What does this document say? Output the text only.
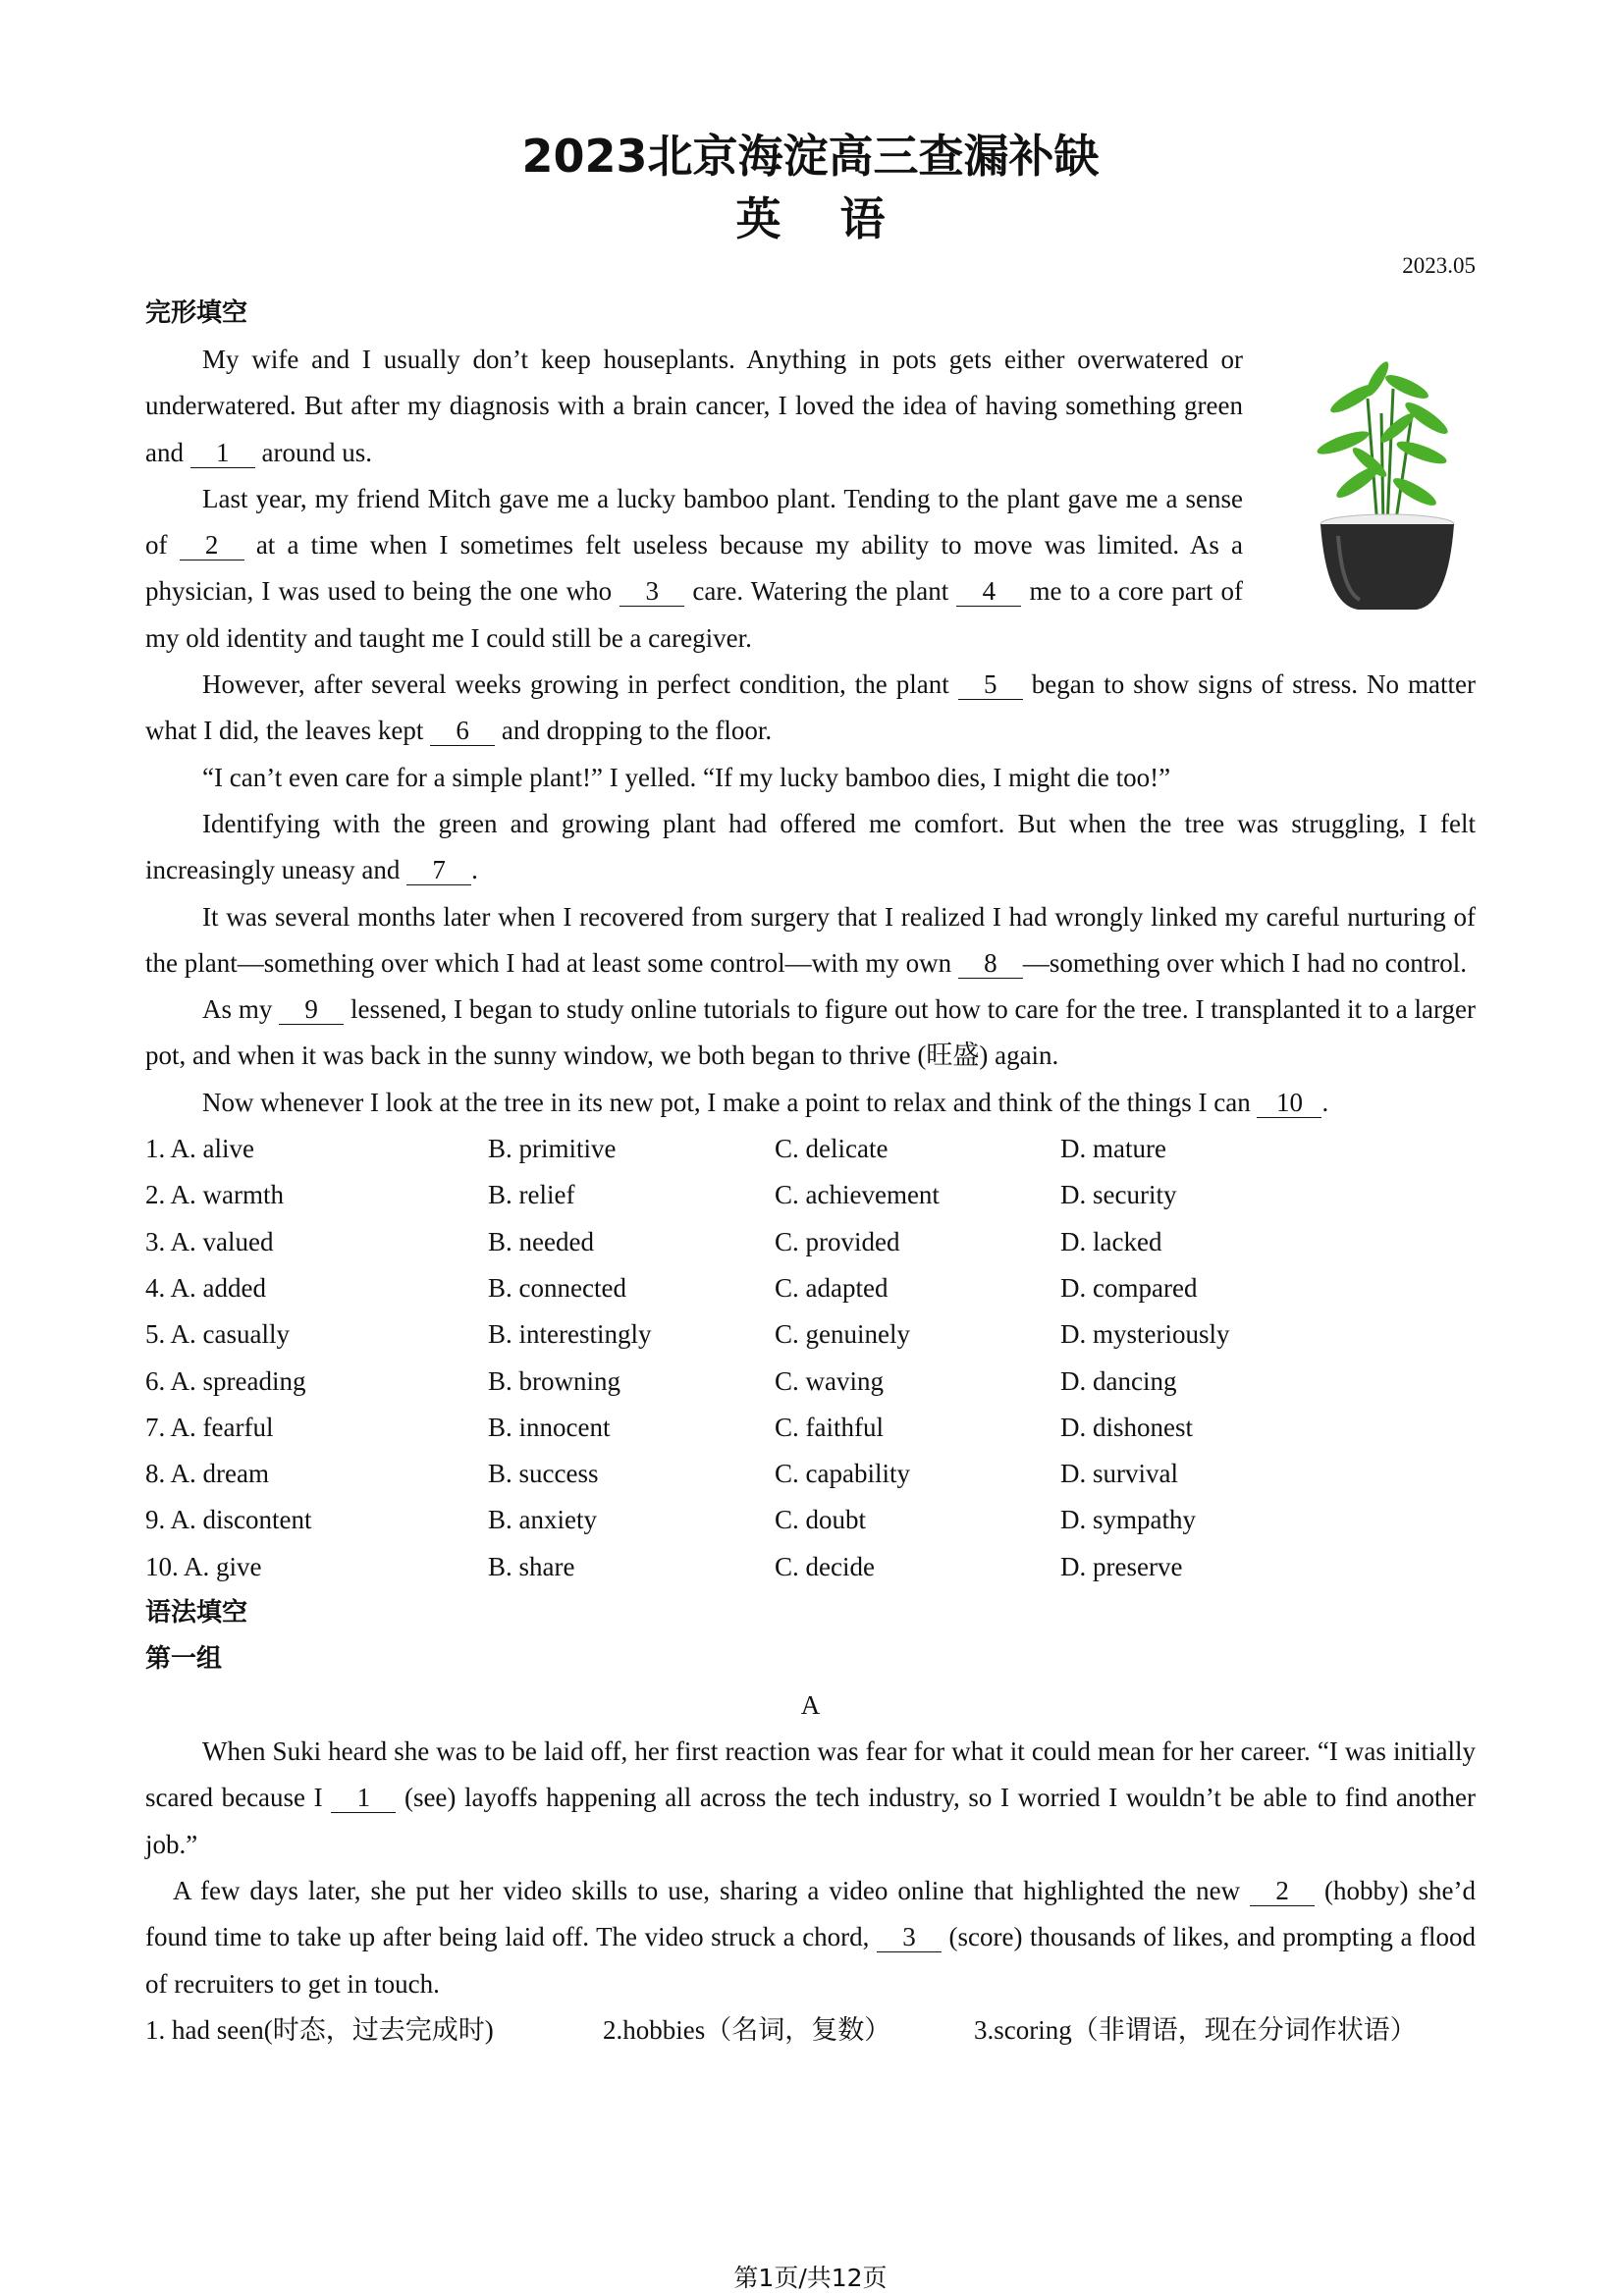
2023北京海淀高三查漏补缺
英语
2023.05
完形填空

My wife and I usually don’t keep houseplants. Anything in pots gets either overwatered or underwatered. But after my diagnosis with a brain cancer, I loved the idea of having something green and 1 around us.

Last year, my friend Mitch gave me a lucky bamboo plant. Tending to the plant gave me a sense of 2 at a time when I sometimes felt useless because my ability to move was limited. As a physician, I was used to being the one who 3 care. Watering the plant 4 me to a core part of my old identity and taught me I could still be a caregiver.

However, after several weeks growing in perfect condition, the plant 5 began to show signs of stress. No matter what I did, the leaves kept 6 and dropping to the floor.

“I can’t even care for a simple plant!” I yelled. “If my lucky bamboo dies, I might die too!”

Identifying with the green and growing plant had offered me comfort. But when the tree was struggling, I felt increasingly uneasy and 7 .

It was several months later when I recovered from surgery that I realized I had wrongly linked my careful nurturing of the plant—something over which I had at least some control—with my own 8 —something over which I had no control.

As my 9 lessened, I began to study online tutorials to figure out how to care for the tree. I transplanted it to a larger pot, and when it was back in the sunny window, we both began to thrive (旺盛) again.

Now whenever I look at the tree in its new pot, I make a point to relax and think of the things I can 10 .

1. A. alive	B. primitive	C. delicate	D. mature
2. A. warmth	B. relief	C. achievement	D. security
3. A. valued	B. needed	C. provided	D. lacked
4. A. added	B. connected	C. adapted	D. compared
5. A. casually	B. interestingly	C. genuinely	D. mysteriously
6. A. spreading	B. browning	C. waving	D. dancing
7. A. fearful	B. innocent	C. faithful	D. dishonest
8. A. dream	B. success	C. capability	D. survival
9. A. discontent	B. anxiety	C. doubt	D. sympathy
10. A. give	B. share	C. decide	D. preserve
语法填空
第一组

A

When Suki heard she was to be laid off, her first reaction was fear for what it could mean for her career. “I was initially scared because I 1 (see) layoffs happening all across the tech industry, so I worried I wouldn’t be able to find another job.”

A few days later, she put her video skills to use, sharing a video online that highlighted the new 2 (hobby) she’d found time to take up after being laid off. The video struck a chord, 3 (score) thousands of likes, and prompting a flood of recruiters to get in touch.

1. had seen(时态，过去完成时)	2.hobbies（名词，复数）	3.scoring（非谓语，现在分词作状语）
第1页/共12页
